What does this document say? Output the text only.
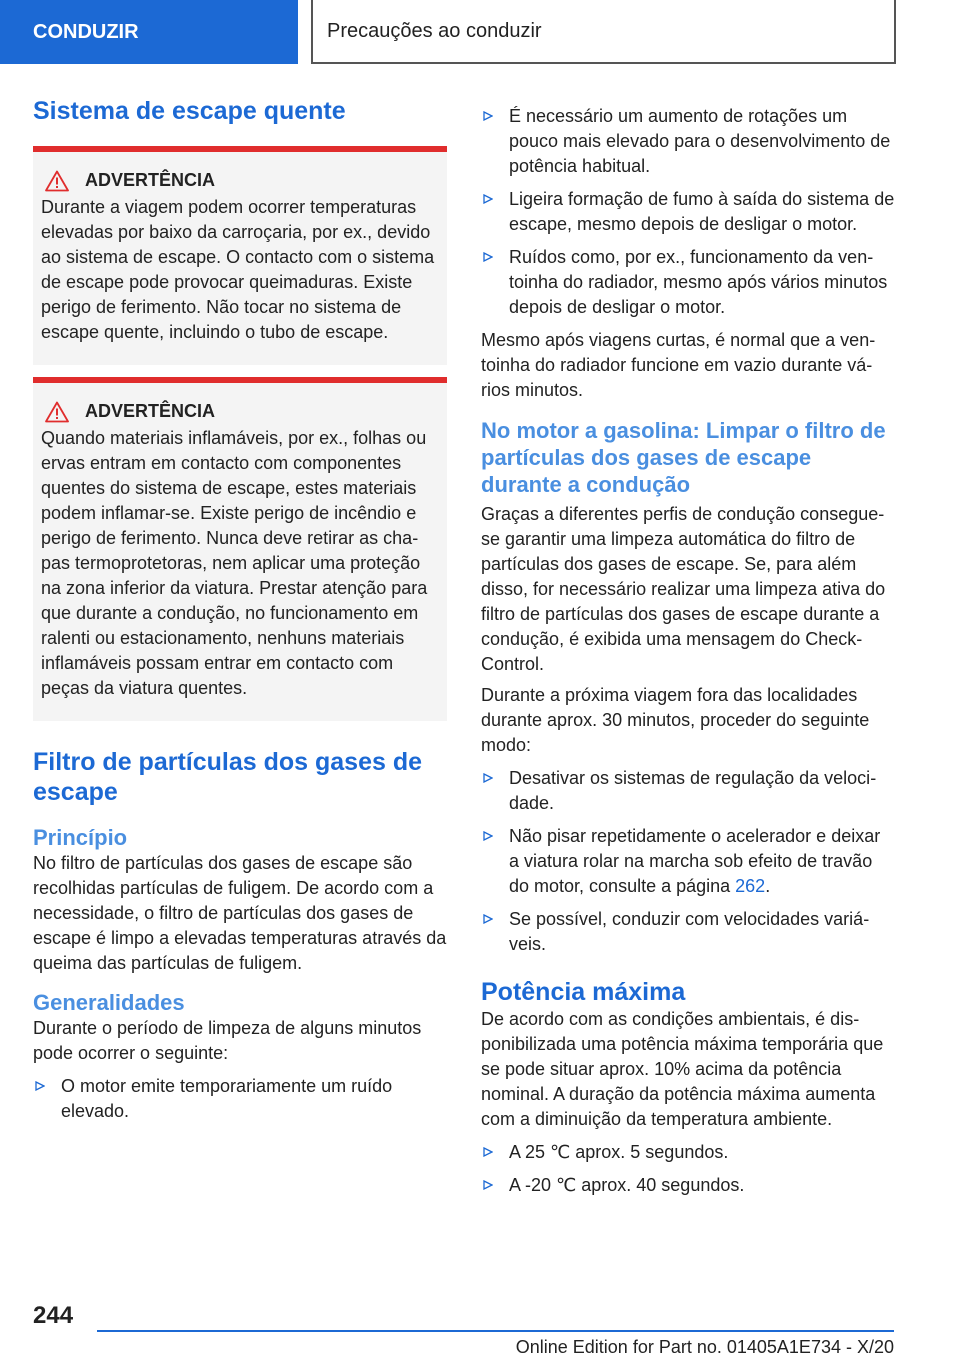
CONDUZIR	Precauções ao conduzir
Sistema de escape quente
ADVERTÊNCIA

Durante a viagem podem ocorrer temperaturas elevadas por baixo da carroçaria, por ex., devido ao sistema de escape. O contacto com o sistema de escape pode provocar queimaduras. Existe perigo de ferimento. Não tocar no sistema de escape quente, incluindo o tubo de escape.

ADVERTÊNCIA

Quando materiais inflamáveis, por ex., folhas ou ervas entram em contacto com componentes quentes do sistema de escape, estes materiais podem inflamar-se. Existe perigo de incêndio e perigo de ferimento. Nunca deve retirar as chapas termoprotetoras, nem aplicar uma proteção na zona inferior da viatura. Prestar atenção para que durante a condução, no funcionamento em ralenti ou estacionamento, nenhuns materiais inflamáveis possam entrar em contacto com peças da viatura quentes.

Filtro de partículas dos gases de escape
Princípio

No filtro de partículas dos gases de escape são recolhidas partículas de fuligem. De acordo com a necessidade, o filtro de partículas dos gases de escape é limpo a elevadas temperaturas através da queima das partículas de fuligem.

Generalidades

Durante o período de limpeza de alguns minutos pode ocorrer o seguinte:

O motor emite temporariamente um ruído elevado.
É necessário um aumento de rotações um pouco mais elevado para o desenvolvimento de potência habitual.
Ligeira formação de fumo à saída do sistema de escape, mesmo depois de desligar o motor.
Ruídos como, por ex., funcionamento da ventoinha do radiador, mesmo após vários minutos depois de desligar o motor.

Mesmo após viagens curtas, é normal que a ventoinha do radiador funcione em vazio durante vários minutos.

No motor a gasolina: Limpar o filtro de partículas dos gases de escape durante a condução

Graças a diferentes perfis de condução consegue-se garantir uma limpeza automática do filtro de partículas dos gases de escape. Se, para além disso, for necessário realizar uma limpeza ativa do filtro de partículas dos gases de escape durante a condução, é exibida uma mensagem do Check-Control.

Durante a próxima viagem fora das localidades durante aprox. 30 minutos, proceder do seguinte modo:

Desativar os sistemas de regulação da velocidade.
Não pisar repetidamente o acelerador e deixar a viatura rolar na marcha sob efeito de travão do motor, consulte a página 262.
Se possível, conduzir com velocidades variáveis.
Potência máxima

De acordo com as condições ambientais, é disponibilizada uma potência máxima temporária que se pode situar aprox. 10% acima da potência nominal. A duração da potência máxima aumenta com a diminuição da temperatura ambiente.

A 25 ℃ aprox. 5 segundos.
A -20 ℃ aprox. 40 segundos.
244
Online Edition for Part no. 01405A1E734 - X/20
